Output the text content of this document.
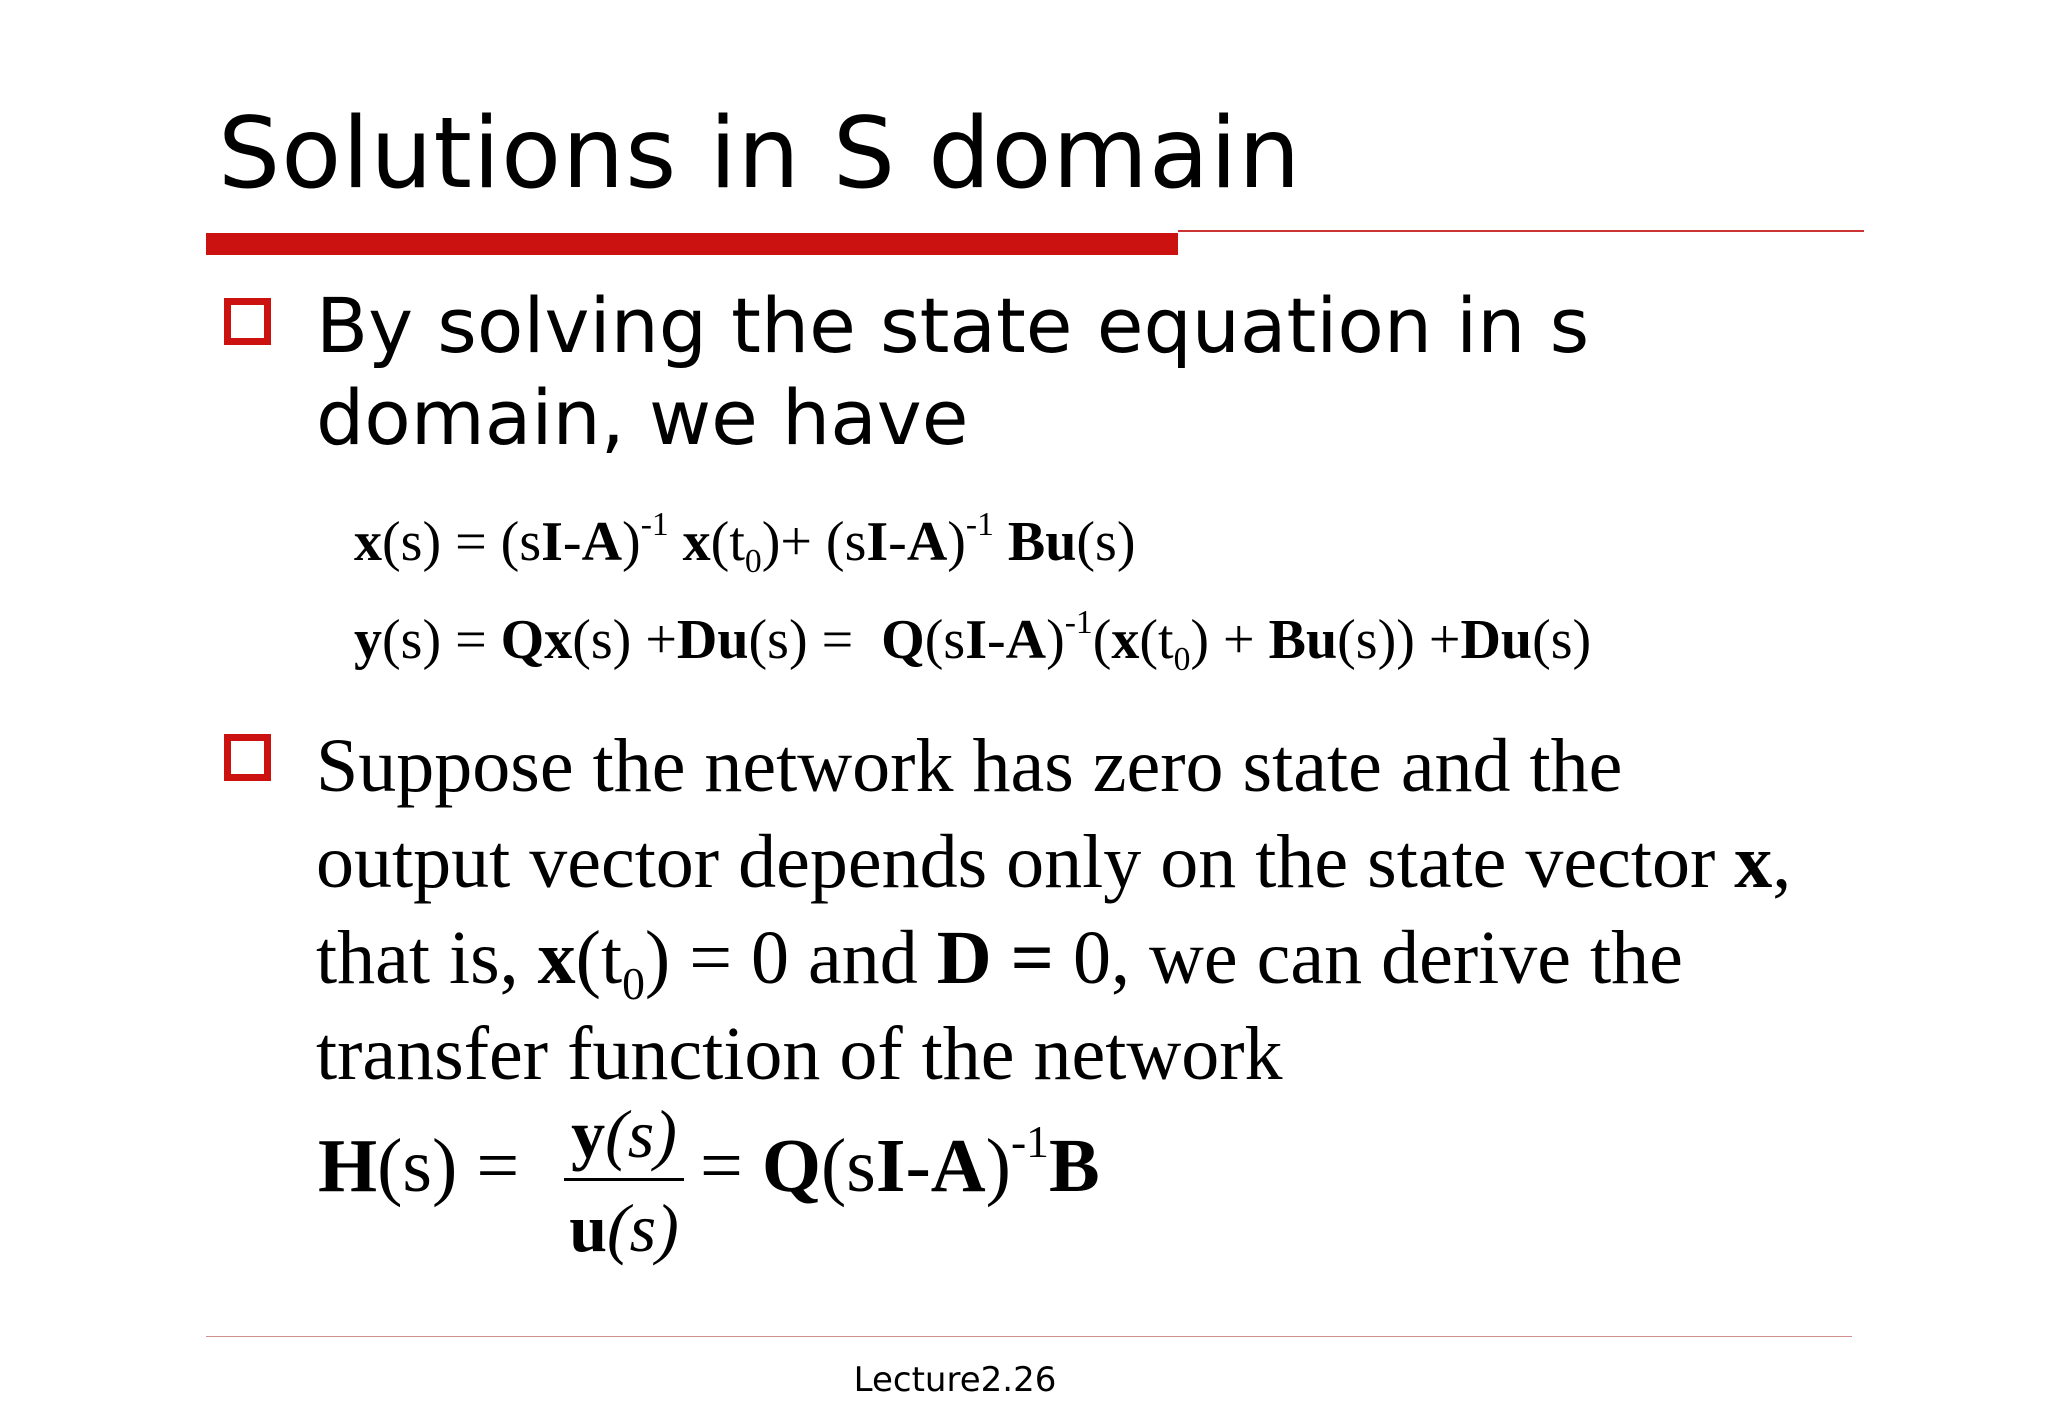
Solutions in S domain
By solving the state equation in s
domain, we have
$x(s) = (sI-A)^{-1}$ $x(t_0)+ (sI-A)^{-1}$ Bu(s)
$y(s) = Qx(s) +Du(s) = Q(sI-A)^{-1}(x(t_0) + Bu(s)) +Du(s)$
Suppose the network has zero state and the
output vector depends only on the state vector x,
that is, $x(t_0) = 0$ and D = 0, we can derive the
transfer function of the network
H(s) = y(s)
u(s)
= $Q(sI-A)^{-1}B$
Lecture2.26
